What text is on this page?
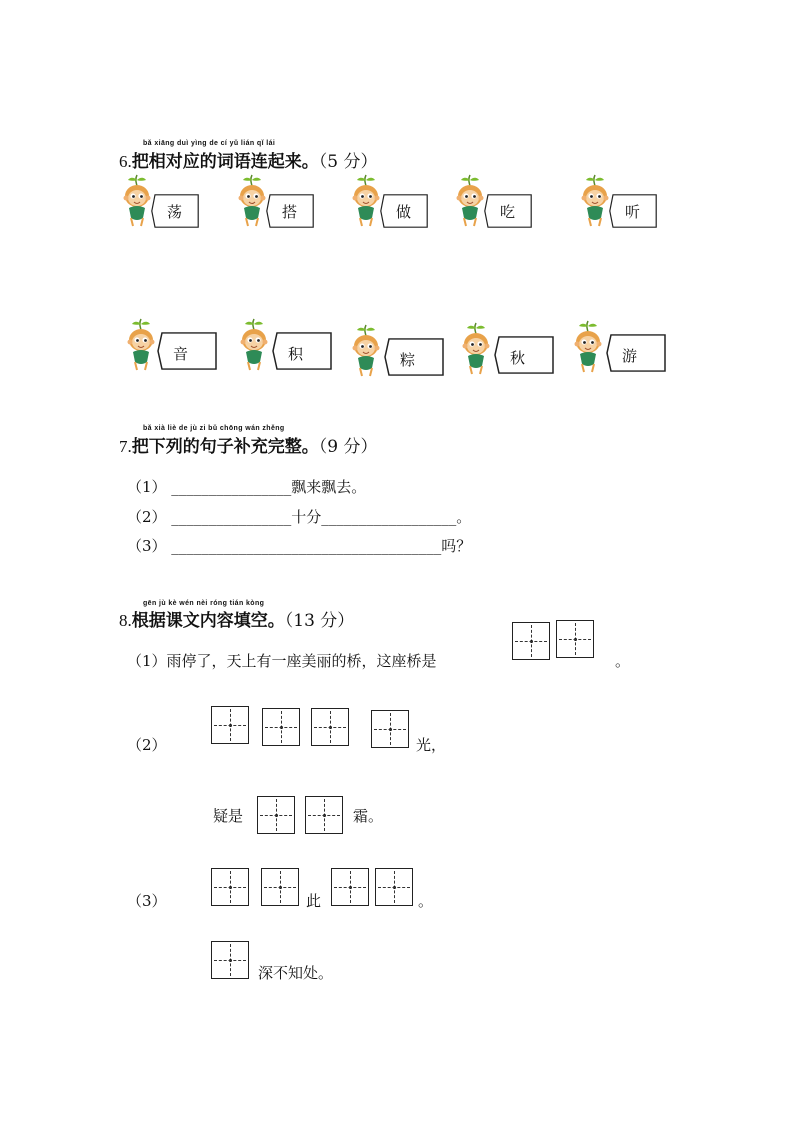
bǎ xiāng duì yìng de cí yǔ lián qǐ lái
6.把相对应的词语连起来。（5 分）
荡	搭	做	吃	听
音	积	粽	秋	游
bǎ xià liè de jù zi bǔ chōng wán zhěng
7.把下列的句子补充完整。（9 分）
（1） ________________飘来飘去。
（2） ________________十分__________________。
（3） ____________________________________吗？
gēn jù kè wén nèi róng tián kòng
8.根据课文内容填空。（13 分）
（1）雨停了，天上有一座美丽的桥，这座桥是	。
（2）	光，
疑是	霜。
（3）	此	。
深不知处。
